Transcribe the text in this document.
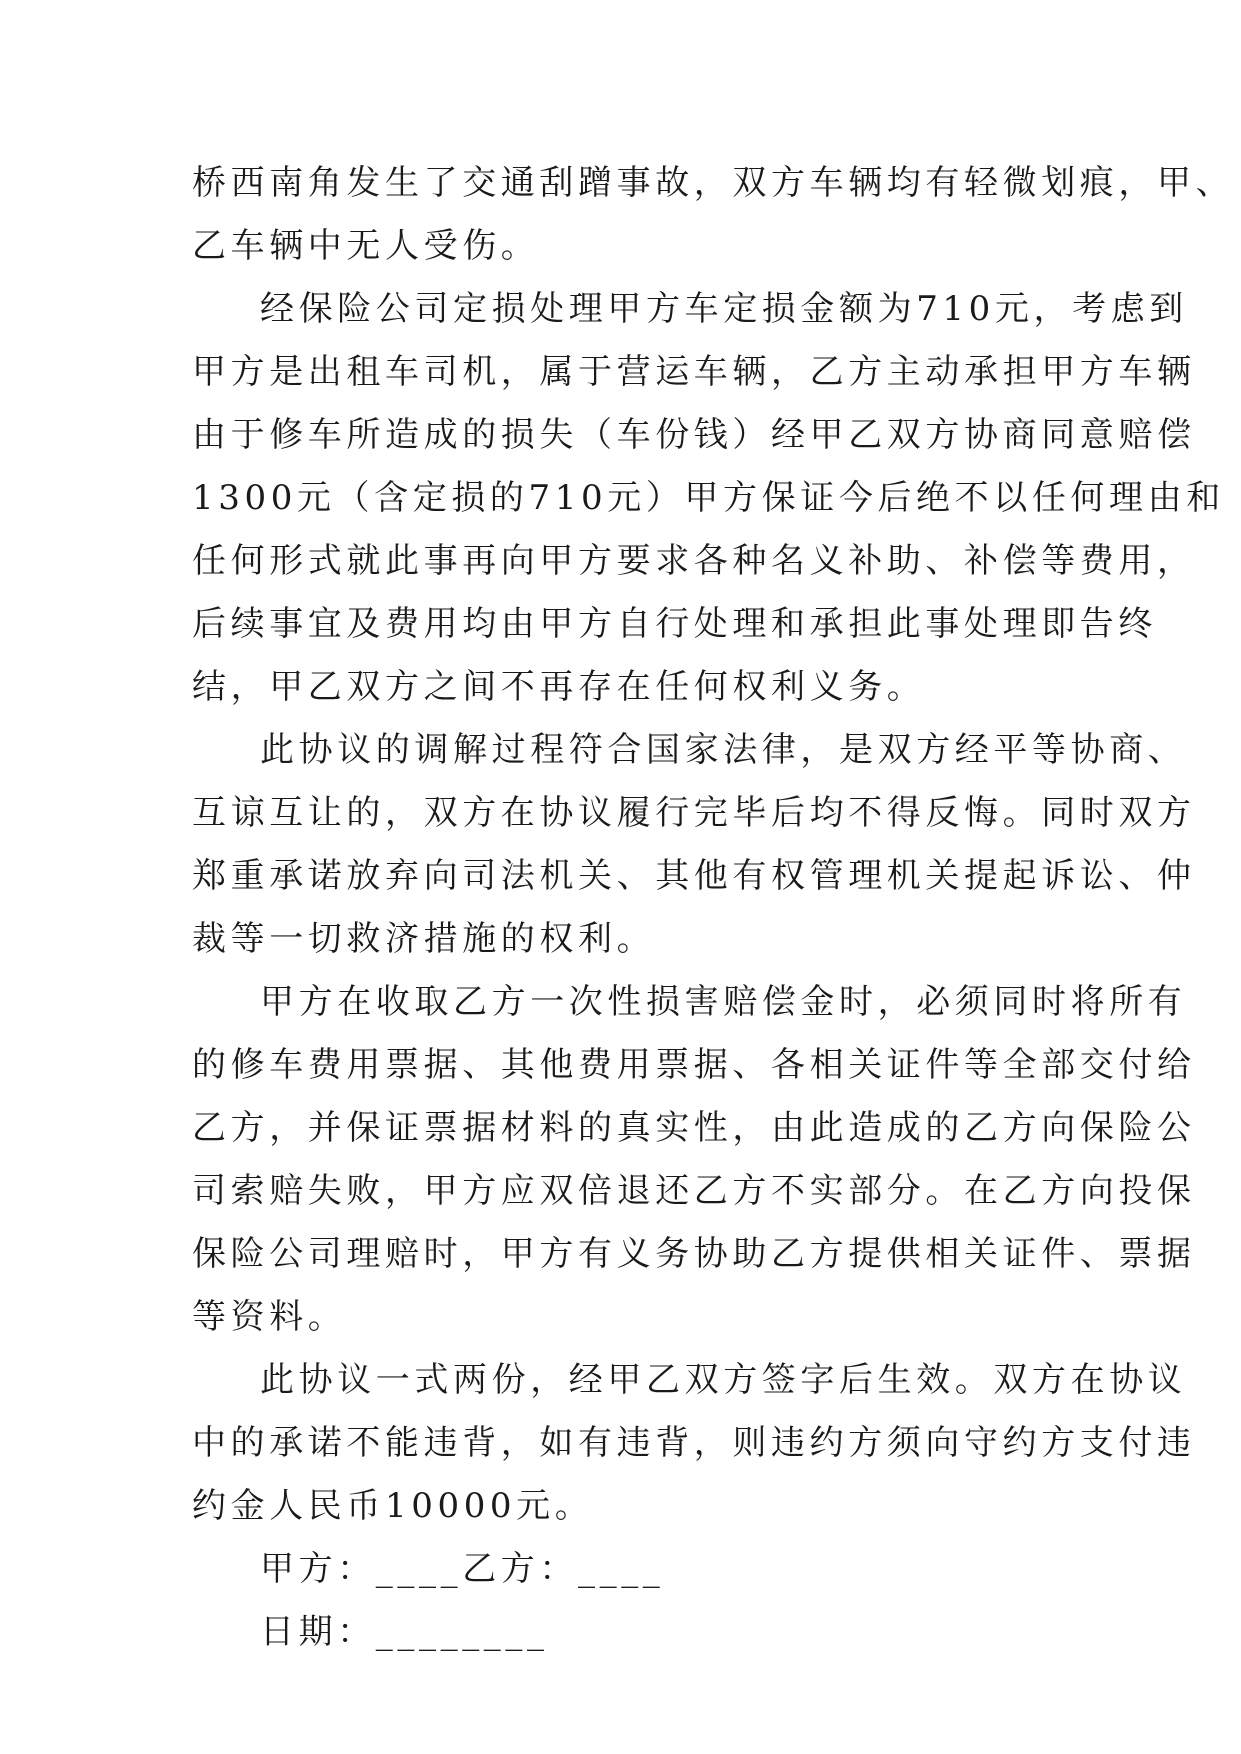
桥西南角发生了交通刮蹭事故，双方车辆均有轻微划痕，甲、
乙车辆中无人受伤。
经保险公司定损处理甲方车定损金额为710元，考虑到
甲方是出租车司机，属于营运车辆，乙方主动承担甲方车辆
由于修车所造成的损失（车份钱）经甲乙双方协商同意赔偿
1300元（含定损的710元）甲方保证今后绝不以任何理由和
任何形式就此事再向甲方要求各种名义补助、补偿等费用，
后续事宜及费用均由甲方自行处理和承担此事处理即告终
结，甲乙双方之间不再存在任何权利义务。
此协议的调解过程符合国家法律，是双方经平等协商、
互谅互让的，双方在协议履行完毕后均不得反悔。同时双方
郑重承诺放弃向司法机关、其他有权管理机关提起诉讼、仲
裁等一切救济措施的权利。
甲方在收取乙方一次性损害赔偿金时，必须同时将所有
的修车费用票据、其他费用票据、各相关证件等全部交付给
乙方，并保证票据材料的真实性，由此造成的乙方向保险公
司索赔失败，甲方应双倍退还乙方不实部分。在乙方向投保
保险公司理赔时，甲方有义务协助乙方提供相关证件、票据
等资料。
此协议一式两份，经甲乙双方签字后生效。双方在协议
中的承诺不能违背，如有违背，则违约方须向守约方支付违
约金人民币10000元。
甲方：____乙方：____
日期：________
